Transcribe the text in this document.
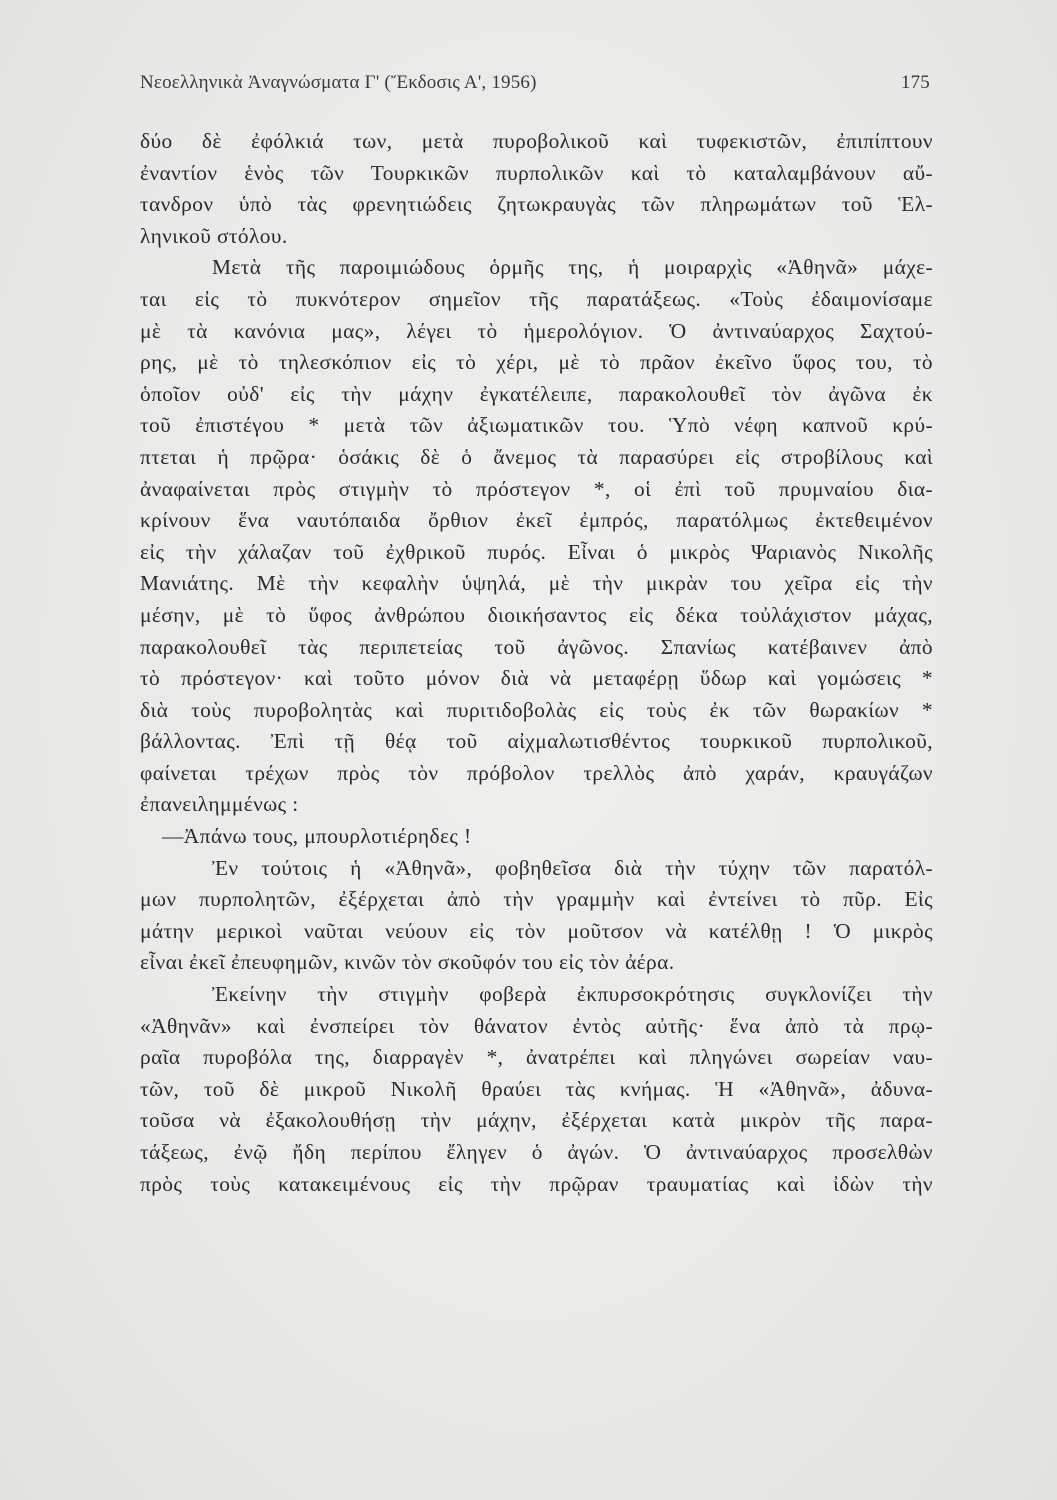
Νεοελληνικὰ Ἀναγνώσματα Γ' (Ἔκδοσις Α', 1956)	175
δύο δὲ ἐφόλκιά των, μετὰ πυροβολικοῦ καὶ τυφεκιστῶν, ἐπιπίπτουν
ἐναντίον ἑνὸς τῶν Τουρκικῶν πυρπολικῶν καὶ τὸ καταλαμβάνουν αὔ-
τανδρον ὑπὸ τὰς φρενητιώδεις ζητωκραυγὰς τῶν πληρωμάτων τοῦ Ἑλ-
ληνικοῦ στόλου.
Μετὰ τῆς παροιμιώδους ὁρμῆς της, ἡ μοιραρχὶς «Ἀθηνᾶ» μάχε-
ται εἰς τὸ πυκνότερον σημεῖον τῆς παρατάξεως. «Τοὺς ἐδαιμονίσαμε
μὲ τὰ κανόνια μας», λέγει τὸ ἡμερολόγιον. Ὁ ἀντιναύαρχος Σαχτού-
ρης, μὲ τὸ τηλεσκόπιον εἰς τὸ χέρι, μὲ τὸ πρᾶον ἐκεῖνο ὕφος του, τὸ
ὁποῖον οὐδ' εἰς τὴν μάχην ἐγκατέλειπε, παρακολουθεῖ τὸν ἀγῶνα ἐκ
τοῦ ἐπιστέγου * μετὰ τῶν ἀξιωματικῶν του. Ὑπὸ νέφη καπνοῦ κρύ-
πτεται ἡ πρῷρα· ὁσάκις δὲ ὁ ἄνεμος τὰ παρασύρει εἰς στροβίλους καὶ
ἀναφαίνεται πρὸς στιγμὴν τὸ πρόστεγον *, οἱ ἐπὶ τοῦ πρυμναίου δια-
κρίνουν ἕνα ναυτόπαιδα ὄρθιον ἐκεῖ ἐμπρός, παρατόλμως ἐκτεθειμένον
εἰς τὴν χάλαζαν τοῦ ἐχθρικοῦ πυρός. Εἶναι ὁ μικρὸς Ψαριανὸς Νικολῆς
Μανιάτης. Μὲ τὴν κεφαλὴν ὑψηλά, μὲ τὴν μικρὰν του χεῖρα εἰς τὴν
μέσην, μὲ τὸ ὕφος ἀνθρώπου διοικήσαντος εἰς δέκα τοὐλάχιστον μάχας,
παρακολουθεῖ τὰς περιπετείας τοῦ ἀγῶνος. Σπανίως κατέβαινεν ἀπὸ
τὸ πρόστεγον· καὶ τοῦτο μόνον διὰ νὰ μεταφέρῃ ὕδωρ καὶ γομώσεις *
διὰ τοὺς πυροβολητὰς καὶ πυριτιδοβολὰς εἰς τοὺς ἐκ τῶν θωρακίων *
βάλλοντας. Ἐπὶ τῇ θέᾳ τοῦ αἰχμαλωτισθέντος τουρκικοῦ πυρπολικοῦ,
φαίνεται τρέχων πρὸς τὸν πρόβολον τρελλὸς ἀπὸ χαράν, κραυγάζων
ἐπανειλημμένως :
—Ἀπάνω τους, μπουρλοτιέρηδες !
Ἐν τούτοις ἡ «Ἀθηνᾶ», φοβηθεῖσα διὰ τὴν τύχην τῶν παρατόλ-
μων πυρπολητῶν, ἐξέρχεται ἀπὸ τὴν γραμμὴν καὶ ἐντείνει τὸ πῦρ. Εἰς
μάτην μερικοὶ ναῦται νεύουν εἰς τὸν μοῦτσον νὰ κατέλθῃ ! Ὁ μικρὸς
εἶναι ἐκεῖ ἐπευφημῶν, κινῶν τὸν σκοῦφόν του εἰς τὸν ἀέρα.
Ἐκείνην τὴν στιγμὴν φοβερὰ ἐκπυρσοκρότησις συγκλονίζει τὴν
«Ἀθηνᾶν» καὶ ἐνσπείρει τὸν θάνατον ἐντὸς αὐτῆς· ἕνα ἀπὸ τὰ πρῳ-
ραῖα πυροβόλα της, διαρραγὲν *, ἀνατρέπει καὶ πληγώνει σωρείαν ναυ-
τῶν, τοῦ δὲ μικροῦ Νικολῆ θραύει τὰς κνήμας. Ἡ «Ἀθηνᾶ», ἀδυνα-
τοῦσα νὰ ἐξακολουθήσῃ τὴν μάχην, ἐξέρχεται κατὰ μικρὸν τῆς παρα-
τάξεως, ἐνῷ ἤδη περίπου ἔληγεν ὁ ἀγών. Ὁ ἀντιναύαρχος προσελθὼν
πρὸς τοὺς κατακειμένους εἰς τὴν πρῷραν τραυματίας καὶ ἰδὼν τὴν
